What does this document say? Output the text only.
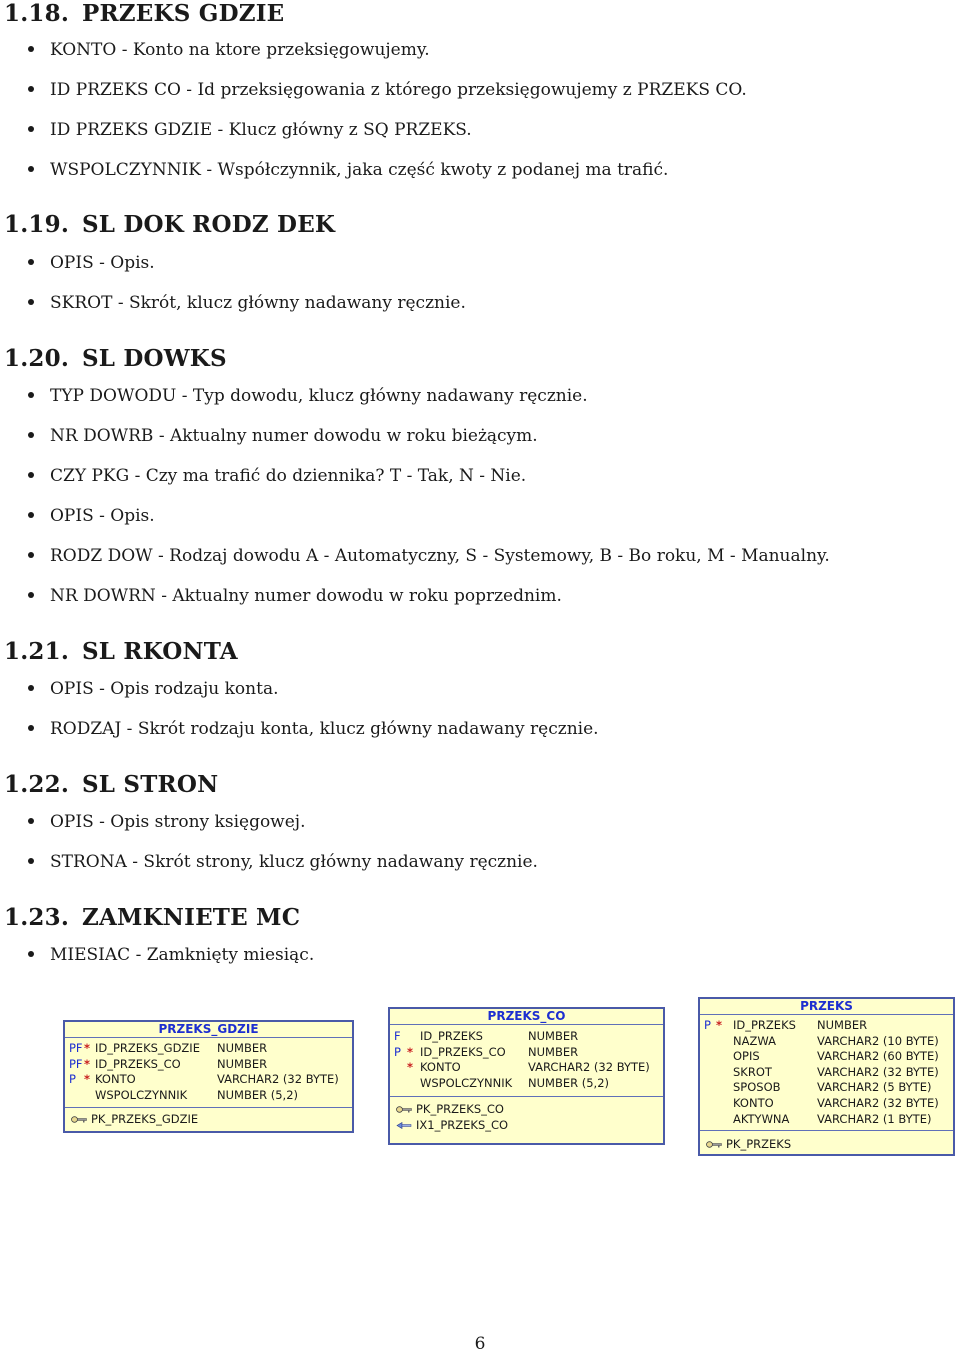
1.18. PRZEKS GDZIE
KONTO - Konto na ktore przeksięgowujemy.
ID PRZEKS CO - Id przeksięgowania z którego przeksięgowujemy z PRZEKS CO.
ID PRZEKS GDZIE - Klucz główny z SQ PRZEKS.
WSPOLCZYNNIK - Współczynnik, jaka część kwoty z podanej ma trafić.
1.19. SL DOK RODZ DEK
OPIS - Opis.
SKROT - Skrót, klucz główny nadawany ręcznie.
1.20. SL DOWKS
TYP DOWODU - Typ dowodu, klucz główny nadawany ręcznie.
NR DOWRB - Aktualny numer dowodu w roku bieżącym.
CZY PKG - Czy ma trafić do dziennika? T - Tak, N - Nie.
OPIS - Opis.
RODZ DOW - Rodzaj dowodu A - Automatyczny, S - Systemowy, B - Bo roku, M - Manualny.
NR DOWRN - Aktualny numer dowodu w roku poprzednim.
1.21. SL RKONTA
OPIS - Opis rodzaju konta.
RODZAJ - Skrót rodzaju konta, klucz główny nadawany ręcznie.
1.22. SL STRON
OPIS - Opis strony księgowej.
STRONA - Skrót strony, klucz główny nadawany ręcznie.
1.23. ZAMKNIETE MC
MIESIAC - Zamknięty miesiąc.
PRZEKS_GDZIE
PF * ID_PRZEKS_GDZIE NUMBER
PF * ID_PRZEKS_CO	NUMBER
P * KONTO	VARCHAR2 (32 BYTE)
WSPOLCZYNNIK	NUMBER (5,2)
PK_PRZEKS_GDZIE
PRZEKS_CO
F ID_PRZEKS	NUMBER
P * ID_PRZEKS_CO NUMBER
* KONTO	VARCHAR2 (32 BYTE)
WSPOLCZYNNIK NUMBER (5,2)
PK_PRZEKS_CO
IX1_PRZEKS_CO
PRZEKS
P * ID_PRZEKS NUMBER
NAZWA	VARCHAR2 (10 BYTE)
OPIS	VARCHAR2 (60 BYTE)
SKROT	VARCHAR2 (32 BYTE)
SPOSOB	VARCHAR2 (5 BYTE)
KONTO	VARCHAR2 (32 BYTE)
AKTYWNA VARCHAR2 (1 BYTE)
PK_PRZEKS
6
